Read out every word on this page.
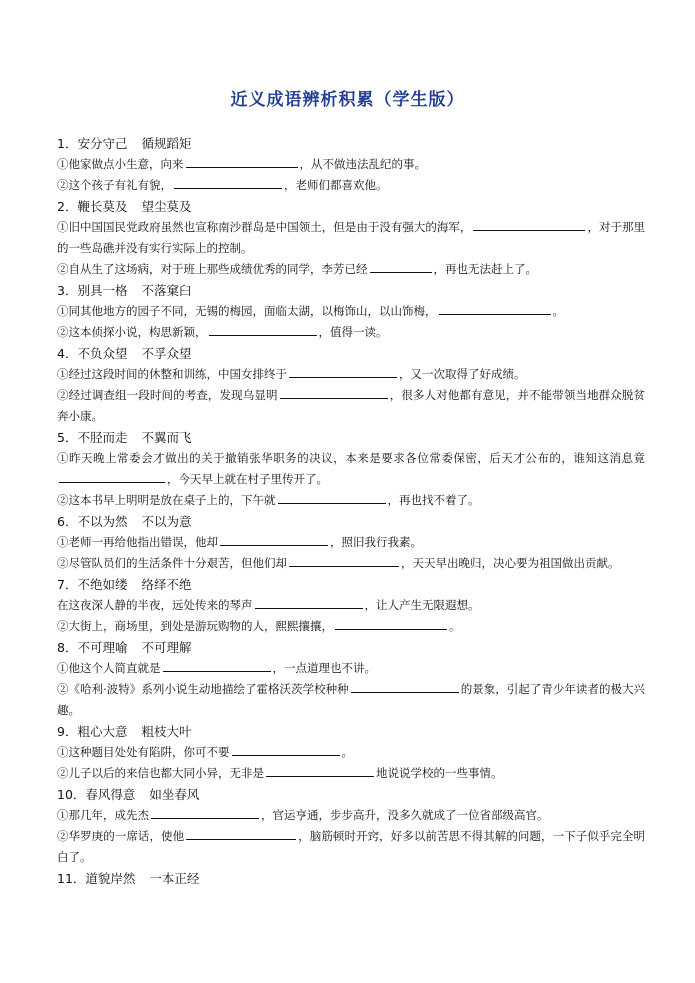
近义成语辨析积累（学生版）
1．安分守己 循规蹈矩
①他家做点小生意，向来	，从不做违法乱纪的事。
②这个孩子有礼有貌，	，老师们都喜欢他。
2．鞭长莫及 望尘莫及
①旧中国国民党政府虽然也宣称南沙群岛是中国领土，但是由于没有强大的海军，	，对于那里的一些岛礁并没有实行实际上的控制。
②自从生了这场病，对于班上那些成绩优秀的同学，李芳已经	，再也无法赶上了。
3．别具一格 不落窠臼
①同其他地方的园子不同，无锡的梅园，面临太湖，以梅饰山，以山饰梅，	。
②这本侦探小说，构思新颖，	，值得一读。
4．不负众望 不孚众望
①经过这段时间的休整和训练，中国女排终于	，又一次取得了好成绩。
②经过调查组一段时间的考查，发现乌显明	，很多人对他都有意见，并不能带领当地群众脱贫奔小康。
5．不胫而走 不翼而飞
①昨天晚上常委会才做出的关于撤销张华职务的决议，本来是要求各位常委保密，后天才公布的，谁知这消息竟，今天早上就在村子里传开了。
②这本书早上明明是放在桌子上的，下午就	，再也找不着了。
6．不以为然 不以为意
①老师一再给他指出错误，他却	，照旧我行我素。
②尽管队员们的生活条件十分艰苦，但他们却	，天天早出晚归，决心要为祖国做出贡献。
7．不绝如缕 络绎不绝
在这夜深人静的半夜，远处传来的琴声	，让人产生无限遐想。
②大街上，商场里，到处是游玩购物的人，熙熙攘攘，	。
8．不可理喻 不可理解
①他这个人简直就是	，一点道理也不讲。
②《哈利·波特》系列小说生动地描绘了霍格沃茨学校种种	的景象，引起了青少年读者的极大兴趣。
9．粗心大意 粗枝大叶
①这种题目处处有陷阱，你可不要	。
②儿子以后的来信也都大同小异，无非是	地说说学校的一些事情。
10．春风得意 如坐春风
①那几年，成先杰	，官运亨通，步步高升，没多久就成了一位省部级高官。
②华罗庚的一席话，使他	，脑筋顿时开窍，好多以前苦思不得其解的问题，一下子似乎完全明白了。
11．道貌岸然 一本正经
